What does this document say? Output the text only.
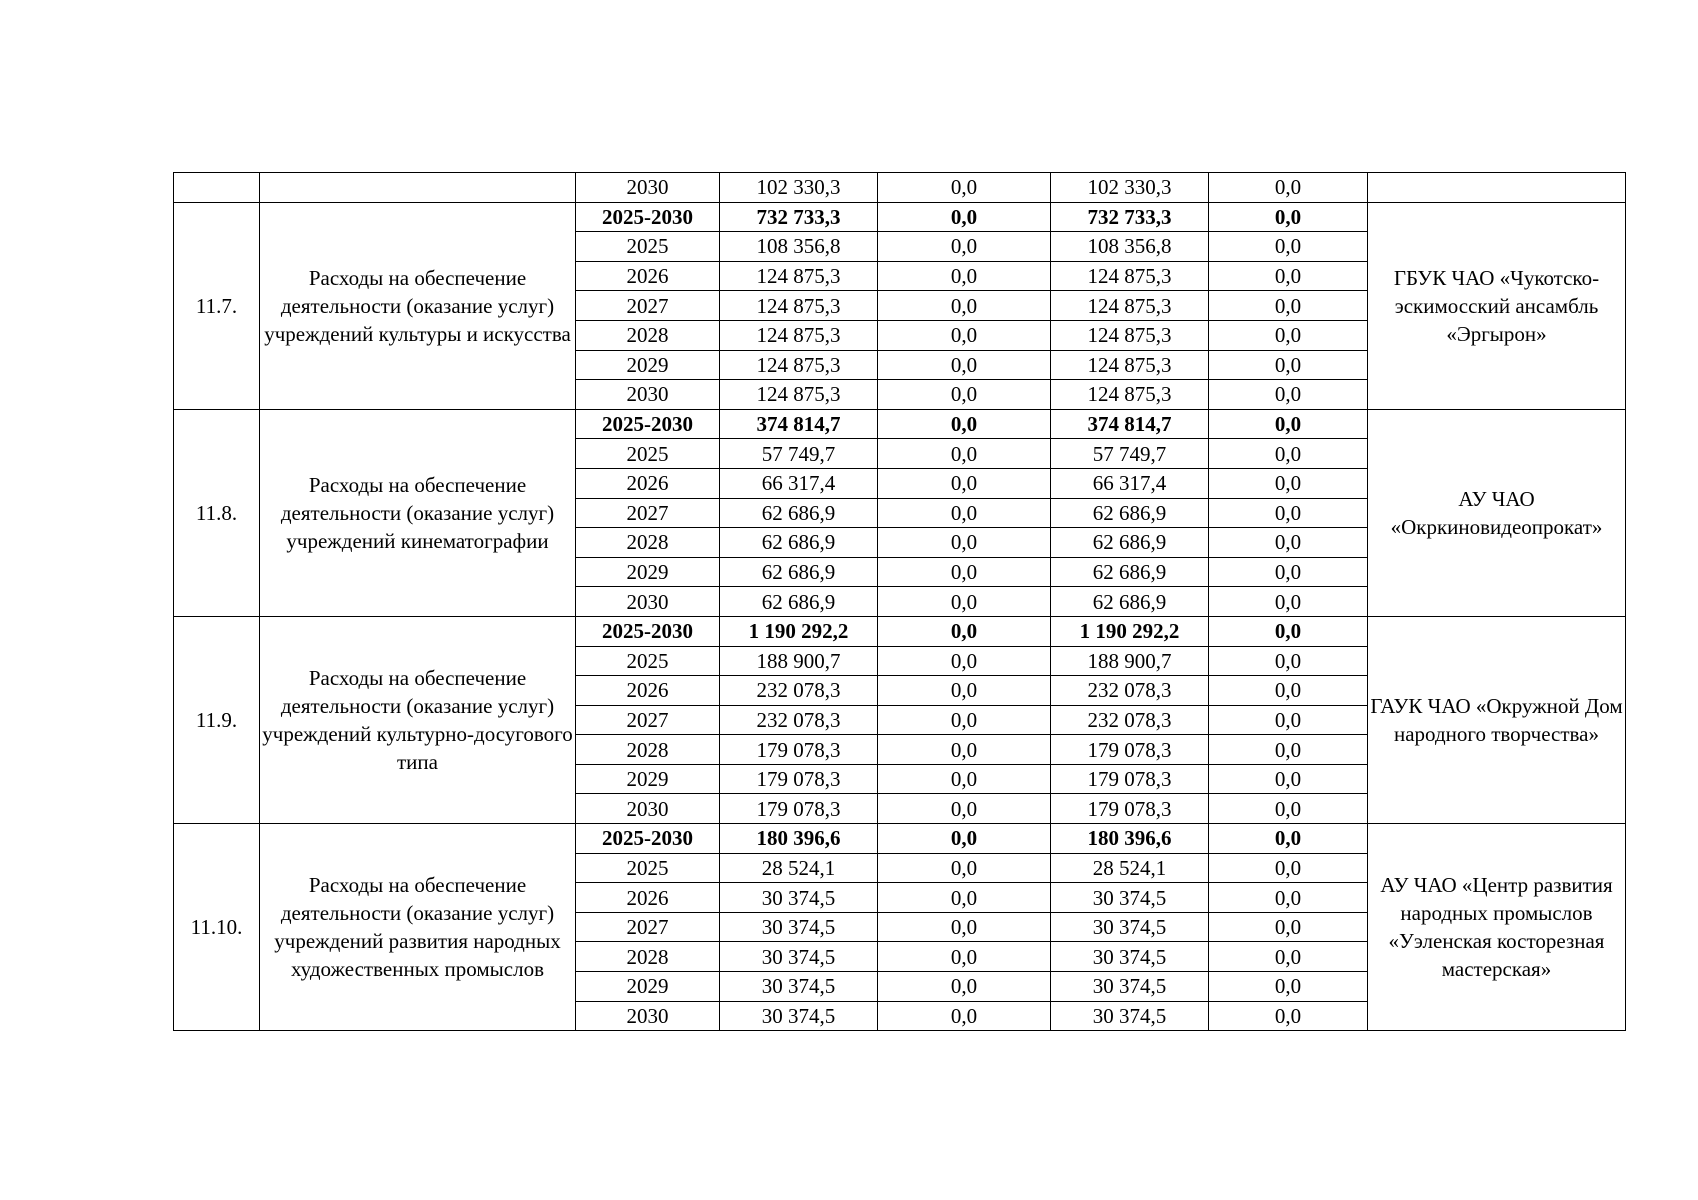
		2030	102 330,3	0,0	102 330,3	0,0	
11.7.	Расходы на обеспечение деятельности (оказание услуг) учреждений культуры и искусства	2025-2030	732 733,3	0,0	732 733,3	0,0	ГБУК ЧАО «Чукотско-эскимосский ансамбль «Эргырон»
		2025	108 356,8	0,0	108 356,8	0,0	
		2026	124 875,3	0,0	124 875,3	0,0	
		2027	124 875,3	0,0	124 875,3	0,0	
		2028	124 875,3	0,0	124 875,3	0,0	
		2029	124 875,3	0,0	124 875,3	0,0	
		2030	124 875,3	0,0	124 875,3	0,0	
11.8.	Расходы на обеспечение деятельности (оказание услуг) учреждений кинематографии	2025-2030	374 814,7	0,0	374 814,7	0,0	АУ ЧАО «Окркиновидеопрокат»
		2025	57 749,7	0,0	57 749,7	0,0	
		2026	66 317,4	0,0	66 317,4	0,0	
		2027	62 686,9	0,0	62 686,9	0,0	
		2028	62 686,9	0,0	62 686,9	0,0	
		2029	62 686,9	0,0	62 686,9	0,0	
		2030	62 686,9	0,0	62 686,9	0,0	
11.9.	Расходы на обеспечение деятельности (оказание услуг) учреждений культурно-досугового типа	2025-2030	1 190 292,2	0,0	1 190 292,2	0,0	ГАУК ЧАО «Окружной Дом народного творчества»
		2025	188 900,7	0,0	188 900,7	0,0	
		2026	232 078,3	0,0	232 078,3	0,0	
		2027	232 078,3	0,0	232 078,3	0,0	
		2028	179 078,3	0,0	179 078,3	0,0	
		2029	179 078,3	0,0	179 078,3	0,0	
		2030	179 078,3	0,0	179 078,3	0,0	
11.10.	Расходы на обеспечение деятельности (оказание услуг) учреждений развития народных художественных промыслов	2025-2030	180 396,6	0,0	180 396,6	0,0	АУ ЧАО «Центр развития народных промыслов «Уэленская косторезная мастерская»
		2025	28 524,1	0,0	28 524,1	0,0	
		2026	30 374,5	0,0	30 374,5	0,0	
		2027	30 374,5	0,0	30 374,5	0,0	
		2028	30 374,5	0,0	30 374,5	0,0	
		2029	30 374,5	0,0	30 374,5	0,0	
		2030	30 374,5	0,0	30 374,5	0,0	
